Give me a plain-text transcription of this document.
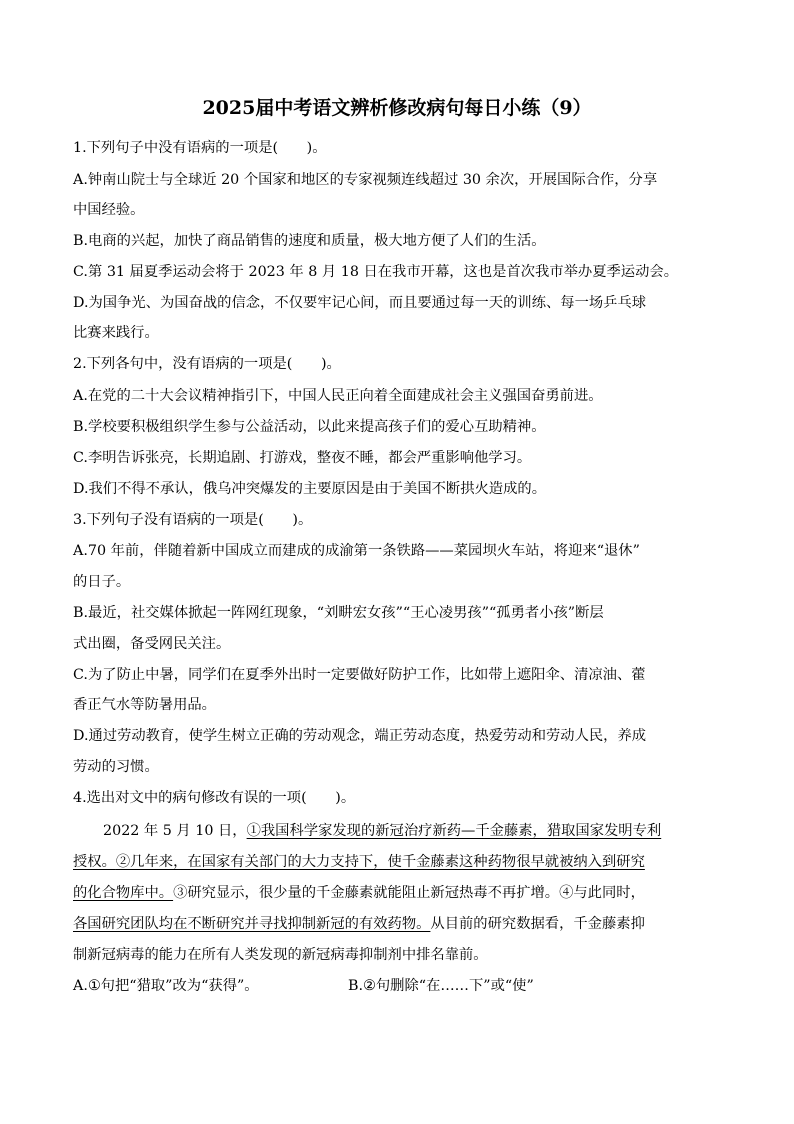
2025届中考语文辨析修改病句每日小练（9）
1.下列句子中没有语病的一项是(　　)。
A.钟南山院士与全球近 20 个国家和地区的专家视频连线超过 30 余次，开展国际合作，分享
中国经验。
B.电商的兴起，加快了商品销售的速度和质量，极大地方便了人们的生活。
C.第 31 届夏季运动会将于 2023 年 8 月 18 日在我市开幕，这也是首次我市举办夏季运动会。
D.为国争光、为国奋战的信念，不仅要牢记心间，而且要通过每一天的训练、每一场乒乓球
比赛来践行。
2.下列各句中，没有语病的一项是(　　)。
A.在党的二十大会议精神指引下，中国人民正向着全面建成社会主义强国奋勇前进。
B.学校要积极组织学生参与公益活动，以此来提高孩子们的爱心互助精神。
C.李明告诉张亮，长期追剧、打游戏，整夜不睡，都会严重影响他学习。
D.我们不得不承认，俄乌冲突爆发的主要原因是由于美国不断拱火造成的。
3.下列句子没有语病的一项是(　　)。
A.70 年前，伴随着新中国成立而建成的成渝第一条铁路——菜园坝火车站，将迎来“退休”
的日子。
B.最近，社交媒体掀起一阵网红现象，“刘畊宏女孩”“王心凌男孩”“孤勇者小孩”断层
式出圈，备受网民关注。
C.为了防止中暑，同学们在夏季外出时一定要做好防护工作，比如带上遮阳伞、清凉油、藿
香正气水等防暑用品。
D.通过劳动教育，使学生树立正确的劳动观念，端正劳动态度，热爱劳动和劳动人民，养成
劳动的习惯。
4.选出对文中的病句修改有误的一项(　　)。
2022 年 5 月 10 日，①我国科学家发现的新冠治疗新药—千金藤素，猎取国家发明专利
授权。②几年来，在国家有关部门的大力支持下，使千金藤素这种药物很早就被纳入到研究
的化合物库中。③研究显示，很少量的千金藤素就能阻止新冠热毒不再扩增。④与此同时，
各国研究团队均在不断研究并寻找抑制新冠的有效药物。从目前的研究数据看，千金藤素抑
制新冠病毒的能力在所有人类发现的新冠病毒抑制剂中排名靠前。
A.①句把“猎取”改为“获得”。	B.②句删除“在……下”或“使”
